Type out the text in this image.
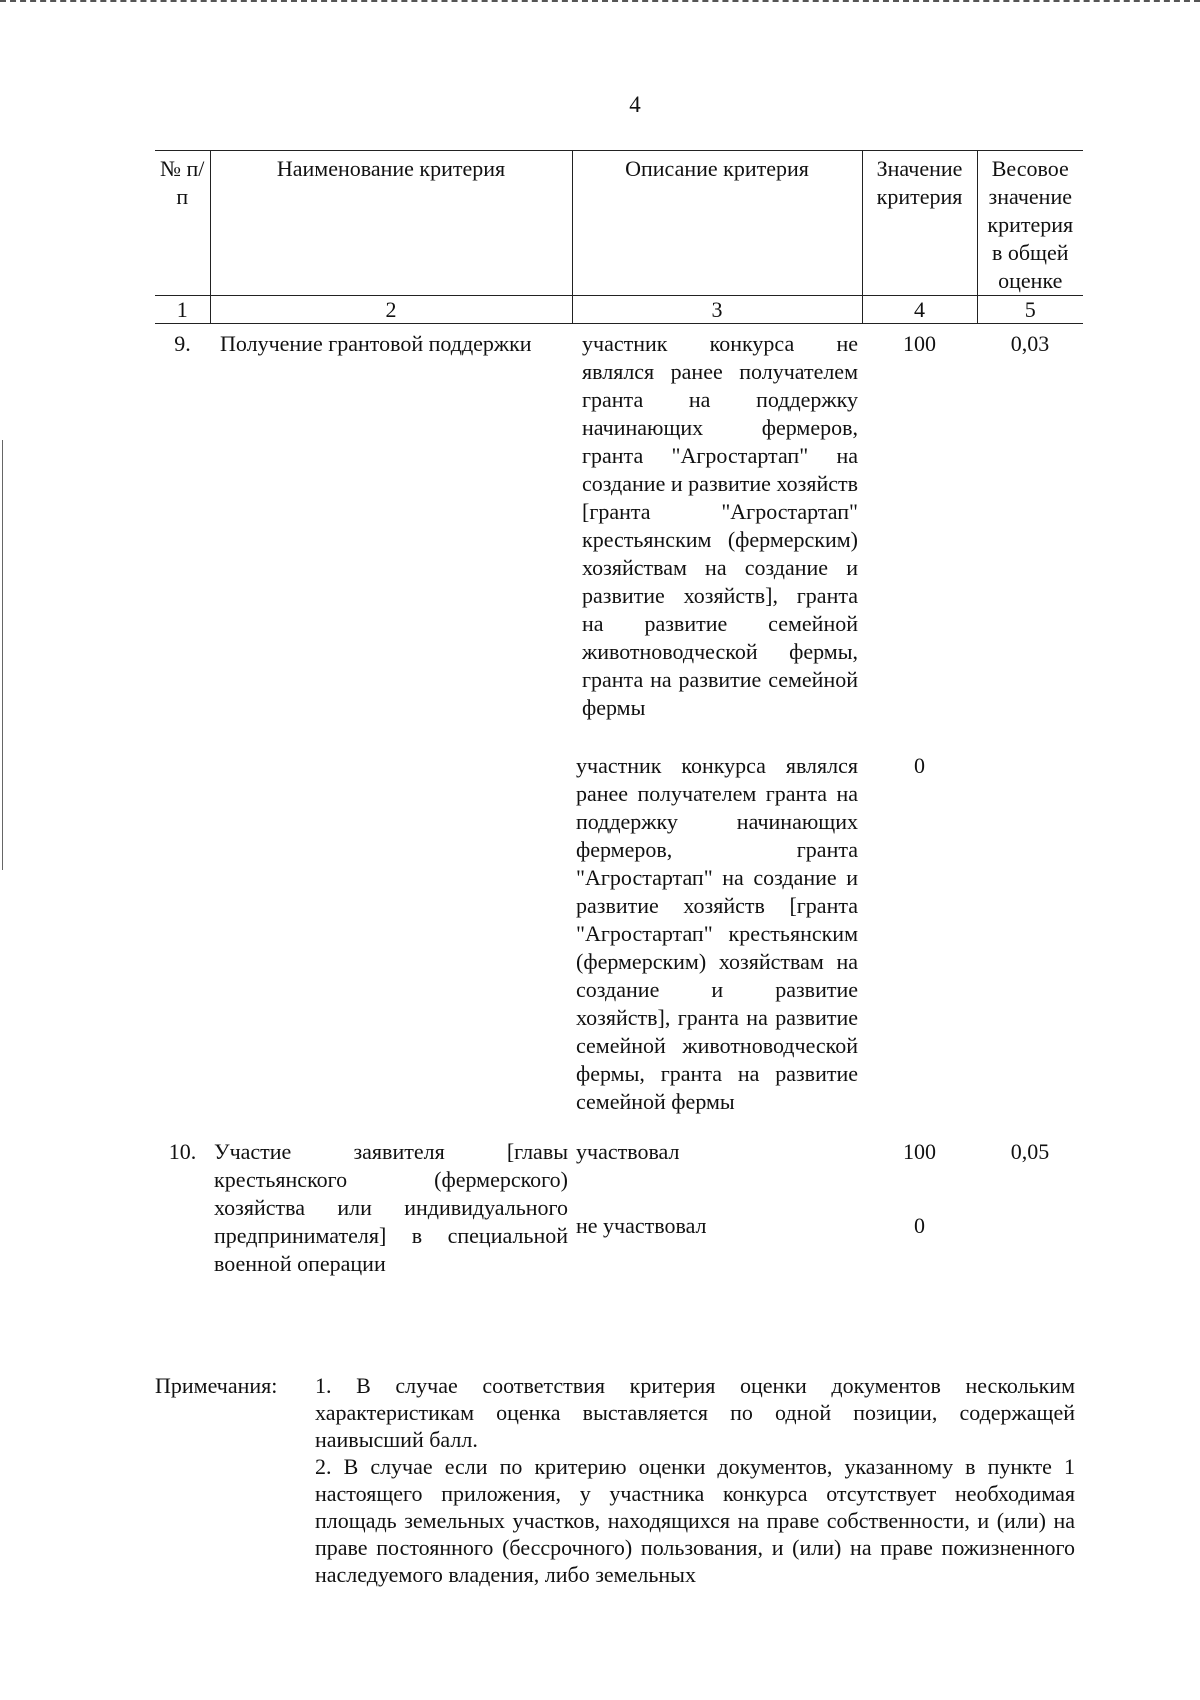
4
№ п/п	Наименование критерия	Описание критерия	Значение критерия	Весовое значение критерия в общей оценке
1	2	3	4	5
9.	Получение грантовой поддержки	участник конкурса не являлся ранее получателем гранта на поддержку начинающих фермеров, гранта "Агростартап" на создание и развитие хозяйств [гранта "Агростартап" крестьянским (фермерским) хозяйствам на создание и развитие хозяйств], гранта на развитие семейной животноводческой фермы, гранта на развитие семейной фермы	100	0,03
		участник конкурса являлся ранее получателем гранта на поддержку начинающих фермеров, гранта "Агростартап" на создание и развитие хозяйств [гранта "Агростартап" крестьянским (фермерским) хозяйствам на создание и развитие хозяйств], гранта на развитие семейной животноводческой фермы, гранта на развитие семейной фермы	0	
10.	Участие заявителя [главы крестьянского (фермерского) хозяйства или индивидуального предпринимателя] в специальной военной операции	участвовал	100	0,05
		не участвовал	0	
Примечания: 1. В случае соответствия критерия оценки документов нескольким характеристикам оценка выставляется по одной позиции, содержащей наивысший балл.
2. В случае если по критерию оценки документов, указанному в пункте 1 настоящего приложения, у участника конкурса отсутствует необходимая площадь земельных участков, находящихся на праве собственности, и (или) на праве постоянного (бессрочного) пользования, и (или) на праве пожизненного наследуемого владения, либо земельных
